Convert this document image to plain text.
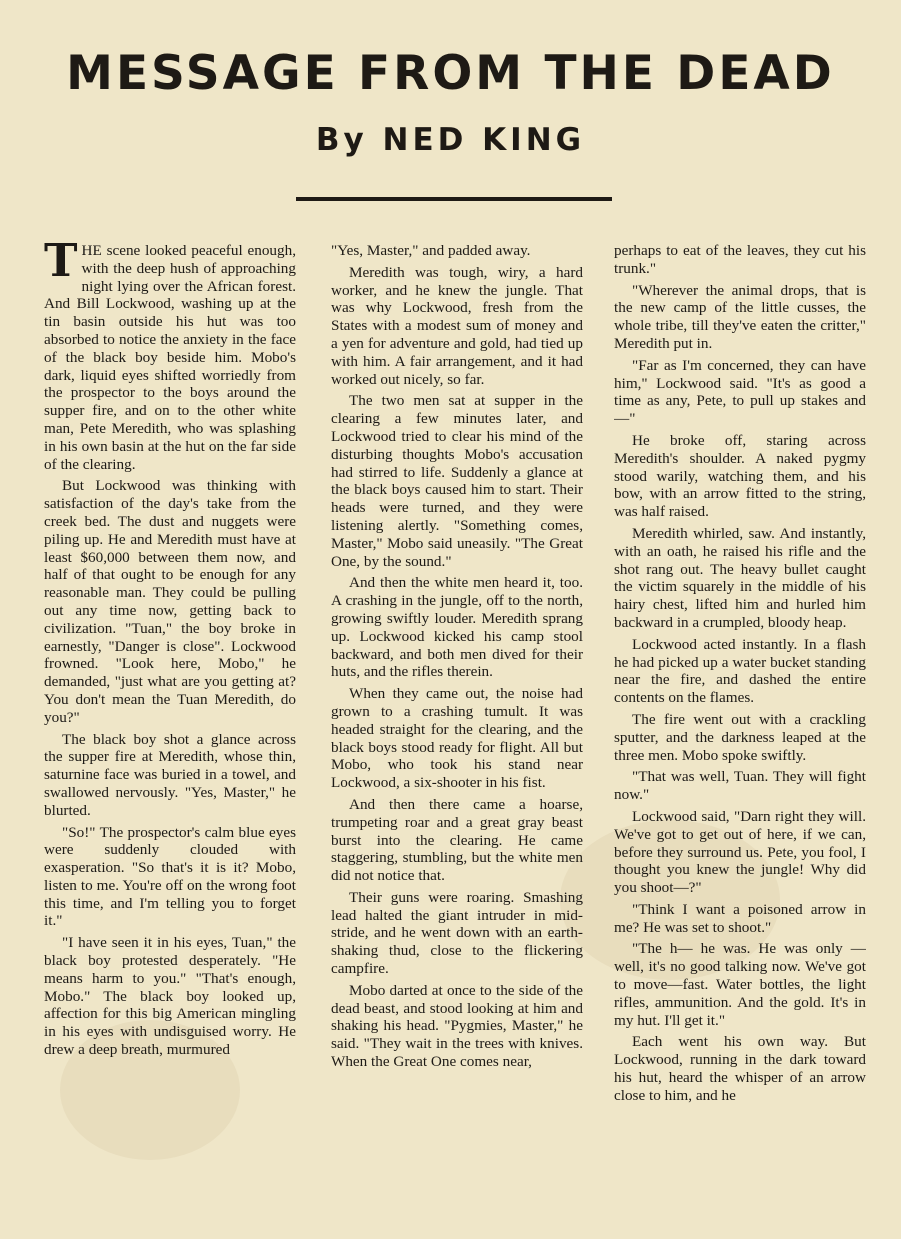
MESSAGE FROM THE DEAD
By NED KING

THE scene looked peaceful enough, with the deep hush of approaching night lying over the African forest. And Bill Lockwood, washing up at the tin basin outside his hut was too absorbed to notice the anxiety in the face of the black boy beside him. Mobo's dark, liquid eyes shifted worriedly from the prospector to the boys around the supper fire, and on to the other white man, Pete Meredith, who was splashing in his own basin at the hut on the far side of the clearing.

But Lockwood was thinking with satisfaction of the day's take from the creek bed. The dust and nuggets were piling up. He and Meredith must have at least $60,000 between them now, and half of that ought to be enough for any reasonable man. They could be pulling out any time now, getting back to civilization. "Tuan," the boy broke in earnestly, "Danger is close". Lockwood frowned. "Look here, Mobo," he demanded, "just what are you getting at? You don't mean the Tuan Meredith, do you?"

The black boy shot a glance across the supper fire at Meredith, whose thin, saturnine face was buried in a towel, and swallowed nervously. "Yes, Master," he blurted.

"So!" The prospector's calm blue eyes were suddenly clouded with exasperation. "So that's it is it? Mobo, listen to me. You're off on the wrong foot this time, and I'm telling you to forget it."

"I have seen it in his eyes, Tuan," the black boy protested desperately. "He means harm to you." "That's enough, Mobo." The black boy looked up, affection for this big American mingling in his eyes with undisguised worry. He drew a deep breath, murmured

"Yes, Master," and padded away.

Meredith was tough, wiry, a hard worker, and he knew the jungle. That was why Lockwood, fresh from the States with a modest sum of money and a yen for adventure and gold, had tied up with him. A fair arrangement, and it had worked out nicely, so far.

The two men sat at supper in the clearing a few minutes later, and Lockwood tried to clear his mind of the disturbing thoughts Mobo's accusation had stirred to life. Suddenly a glance at the black boys caused him to start. Their heads were turned, and they were listening alertly. "Something comes, Master," Mobo said uneasily. "The Great One, by the sound."

And then the white men heard it, too. A crashing in the jungle, off to the north, growing swiftly louder. Meredith sprang up. Lockwood kicked his camp stool backward, and both men dived for their huts, and the rifles therein.

When they came out, the noise had grown to a crashing tumult. It was headed straight for the clearing, and the black boys stood ready for flight. All but Mobo, who took his stand near Lockwood, a six-shooter in his fist.

And then there came a hoarse, trumpeting roar and a great gray beast burst into the clearing. He came staggering, stumbling, but the white men did not notice that.

Their guns were roaring. Smashing lead halted the giant intruder in mid-stride, and he went down with an earth-shaking thud, close to the flickering campfire.

Mobo darted at once to the side of the dead beast, and stood looking at him and shaking his head. "Pygmies, Master," he said. "They wait in the trees with knives. When the Great One comes near,

perhaps to eat of the leaves, they cut his trunk."

"Wherever the animal drops, that is the new camp of the little cusses, the whole tribe, till they've eaten the critter," Meredith put in.

"Far as I'm concerned, they can have him," Lockwood said. "It's as good a time as any, Pete, to pull up stakes and—"

He broke off, staring across Meredith's shoulder. A naked pygmy stood warily, watching them, and his bow, with an arrow fitted to the string, was half raised.

Meredith whirled, saw. And instantly, with an oath, he raised his rifle and the shot rang out. The heavy bullet caught the victim squarely in the middle of his hairy chest, lifted him and hurled him backward in a crumpled, bloody heap.

Lockwood acted instantly. In a flash he had picked up a water bucket standing near the fire, and dashed the entire contents on the flames.

The fire went out with a crackling sputter, and the darkness leaped at the three men. Mobo spoke swiftly.

"That was well, Tuan. They will fight now."

Lockwood said, "Darn right they will. We've got to get out of here, if we can, before they surround us. Pete, you fool, I thought you knew the jungle! Why did you shoot—?"

"Think I want a poisoned arrow in me? He was set to shoot."

"The h— he was. He was only —well, it's no good talking now. We've got to move—fast. Water bottles, the light rifles, ammunition. And the gold. It's in my hut. I'll get it."

Each went his own way. But Lockwood, running in the dark toward his hut, heard the whisper of an arrow close to him, and he
